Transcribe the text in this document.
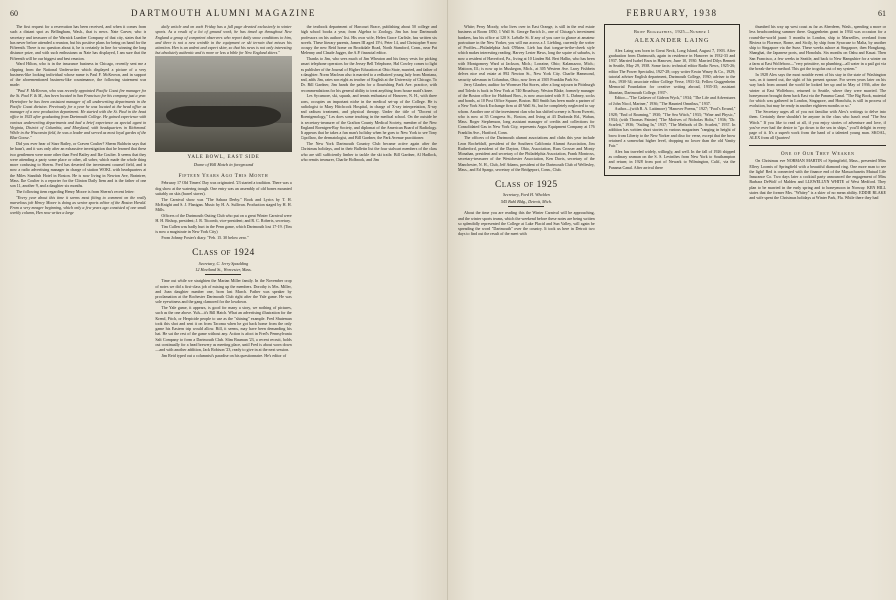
60	DARTMOUTH ALUMNI MAGAZINE

The first request for a reservation has been received, and when it comes from such a distant spot as Bellingham, Wash., that is news. Nate Carver, who is secretary and treasurer of the Warnick Lumber Company of that city, states that he has never before attended a reunion, but his positive plans for being on hand for the Fifteenth. There is no question about it, he is certainly in line for winning the long distance prize, and with such enthusiasm as Nate has displayed, I am sure that the Fifteenth will be our biggest and best reunion.

Ward Hilton, who is in the insurance business in Chicago, recently sent me a clipping from the National Underwriter which displayed a picture of a very business-like looking individual whose name is Paul F. McKeown, and in support of the aforementioned business-like countenance, the following statement was made:

"Paul F. McKeown, who was recently appointed Pacific Coast fire manager for the St. Paul F. & M., has been located in San Francisco for his company just a year. Heretofore he has been assistant manager of all underwriting departments in the Pacific Coast division. Previously for a year he was located at the head office as manager of a new production department. He started with the St. Paul in the head office in 1925 after graduating from Dartmouth College. He gained experience with various underwriting departments and had a brief experience as special agent in Virginia, District of Columbia, and Maryland, with headquarters in Richmond. While in the Wisconsin field, he was a leader and served as most loyal gardes of the Blue Goose."

Did you ever hear of Starr Bailey, or Craven Coulter? Sherm Baldwin says that he hasn't, and it was only after an exhaustive investigation that he learned that these two gentlemen were none other than Fred Bailey and Ike Coulter. It seems that they were attending a party some place or other, all sober, which made the whole thing more confusing to Sherm. Fred has deserted the investment counsel field, and is now a radio advertising manager in charge of station WOKL with headquarters at the Miles Standish Hotel in Boston. He is now living in Newton Ave, Braintree, Mass. Ike Coulter is a reporter for the Clinton Daily Item and is the father of one son 11, another 9, and a daughter six months.

The following item regarding Henry Moore is from Sherm's recent letter:

"Every year about this time it seems most fitting to comment on the really marvelous job Henry Moore is doing as senior sports editor of the Boston Herald. From a very meager beginning, which only a few years ago consisted of one small weekly column, Hen now writes a large

daily article and on each Friday has a full page devoted exclusively to winter sports. As a result of a lot of ground work, he has timed up throughout New England a group of competent observers who report daily snow conditions to him, and there is not a new wrinkle in the equipment or ski terrain that misses his attention. Hen is an ardent and expert skier, so that his news is not only interesting but absolutely authentic and is more or less a bible for New England skiers."

YALE BOWL, EAST SIDE
Dome of Bill Hatch in foreground
Fifteen Years Ago This Month

February 17 Old Timers' Day was originated. '23 started a tradition. There was a dog show at the watering trough. One entry was an assembly of old bones mounted suitably on skis (barrel staves).

The Carnival show was "The Sahara Derby." Book and Lyrics by T. H. McKnight and S. J. Flanigan. Music by H. A. Sullivan. Production staged by H. H. Mills.

Officers of the Dartmouth Outing Club who put on a great Winter Carnival were H. H. Bishop, president; J. R. Titcomb, vice-president; and R. C. Roberts, secretary.

Tim Cullen was badly hurt in the Penn game, which Dartmouth lost 17-19. (Tim is now a magistrate in New York City)

From Johnny Foster's diary. "Feb. 15. 30 below zero."

Class of 1924
Secretary, C. Jerry Spaulding
12 Haviland St., Worcester, Mass.

Time out while we straighten the Marian Miller family. In the November crop of notes we did a first-class job of mixing up the members. Dorothy is Mrs. Miller, and Joan daughter number one, born last March. Father was speaker by proclamation at the Rochester Dartmouth Club right after the Yale game. He was sole eyewitness and the gang clamored for the lowdown.

The Yale game, it appears, is good for many a story, we nothing of pictures, such as the one above. Yuh—it's Bill Hatch. What an advertising illustration for the Krend, Fitch, or Herpicide people to use as the "shining" example. Fred Shuteman took this shot and sent it on from Tacoma when he got back home from the only game his Eastern trip would allow. Bill, it seems, may have been demanding his hat. He sat the rest of the game without any. Action is afoot in Fred's Pennsylvania Salt Company to form a Dartmouth Club. Slim Bauman '23, a recent recruit, holds out continually for a head brewery as meeting place, until Fred is about worn down—and with another addition, Jack Robison '23, ready to give in at the next session.

Jim Reid typed out a columnist's paradise on his questionnaire. He's editor of

the textbook department of Harcourt Brace, publishing about 50 college and high school books a year, from Algebra to Zoology. Jim has four Dartmouth professors on his authors' list. His own wife, Helen Grace Carlisle, has written six novels. These literary parents, James III aged 15½, Peter 14, and Christopher 9 now occupy the new Reid home on Brookdale Road, North Stamford, Conn., near Pat Melenny and Claude Jagger, the A.P. financial editor.

Thanks to Jim, who sees much of Jim Wheaton and his fancy vests for picking smart telephone operators for the Jersey Bell Telephone, Hal Cowley comes to light as publisher of the Journal of Higher Education at Ohio State, married, and father of a daughter. Norm Maclean also is married to a redhaired young lady from Montana, and, adds Jim, rates son eight as teacher of English at the University of Chicago. To Dr. Bill Gardner, Jim hands the palm for a flourishing Park Ave. practice, with recommendations for his general ability to treat anything from house maid's knee.

Les Sycamore, ski, squash, and tennis enthusiast of Hanover, N. H., with three sons, occupies an important niche in the medical set-up of the College. He is radiologist to Mary Hitchcock Hospital, in charge of X-ray interpretation, X-ray and radium treatment, and physical therapy. Under the title of "Docent of Roentgenology," Les does some teaching in the medical school. On the outside he is secretary-treasurer of the Grafton County Medical Society, member of the New England Roentgen-Ray Society, and diplomat of the American Board of Radiology. It appears that he takes a fun man's holiday when he goes to New York to see Tony Cipollaro, the dermatologist, and Bill Gardner, the Park Avenue practitioner.

The New York Dartmouth Country Club became active again after the Christmas holidays, and in their Bulletin list the four stalwart members of the class who are still sufficiently limber to tackle the ski trails: Bill Gardner, Al Hadlock, who remits treasurer, Charlie Holbrook, and Jim

FEBRUARY, 1938	61

White; Perry Moody, who lives over in East Orange, is still in the real estate business at Room 1850, 1 Wall St. George Enrich Jr., one of Chicago's investment bankers, has his office at 120 S. LaSalle St. If any of you care to glance at amateur portraiture in the New Yorker, you will run across a J. Liebling, currently the writer of Profiles—Philadelphia Jack O'Brien. Lieb has that tongue-in-the-cheek style which makes interesting reading. Harvey Lester Haws, long the squire of suburbs, is now a resident of Haverford, Pa., living at 10 Linden Rd. Bert Hallin, who has been with Montgomery Ward at Jackson, Mich.; Lorraine, Ohio; Kalamazoo, Mich.; Mattoon, Ill.; is now up in Muskegon, Mich., at 305 Western Ave. Larry Fishbein delves nice real estate at 892 Newton St., New York City. Charlie Hammond, security salesman in Columbus, Ohio, now lives at 1505 Franklin Park So.

Jerry Glauber, auditor for Wormser Hat Stores, after a long sojourn in Pittsburgh and Toledo is back in New York at 740 Broadway. Weston Blake, formerly manager of the Boston office for Hubbard Bros., is now associated with F. L. Dabney, socks and bonds, at 10 Post Office Square, Boston. Bill Smith has been made a partner of a New York Stock Exchange firm at 40 Wall St., but he completely neglected to say whom. Another one of the investment clan who has shifted scenery is Norm Everett, who is now at 35 Congress St., Boston, and living at 43 Dudonda Rd., Waban, Mass. Roger Stephenson, long assistant manager of credits and collections for Consolidated Gas in New York City, represents Argus Equipment Company at 176 Franklin Ave., Hartford, Conn.

The officers of the Dartmouth alumni associations and clubs this year include Leon Rocheblaff, president of the Southern California Alumni Association, Jim Rutherford, president of the Dayton, Ohio, Association, Russ Crosser and Monty Monahan, president and secretary of the Philadelphia Association, Frank Montross, secretary-treasurer of the Westchester Association, Ken Davis, secretary of the Manchester, N. H., Club, Jeff Adams, president of the Dartmouth Club of Wellesley, Mass., and Ed Spargo, secretary of the Bridgeport, Conn., Club.

Class of 1925
Secretary, Ford H. Whelden
545 Buhl Bldg., Detroit, Mich.

About the time you are reading this the Winter Carnival will be approaching, and the winter sports teams, which the weekend before these notes are being written so splendidly represented the College at Lake Placid and Sun Valley, will again be spreading the word "Dartmouth" over the country. It took us here in Detroit two days to find out the result of the meet with

Brief Biographies, 1925—Number 1
ALEXANDER LAING

Alex Laing was born in Great Neck, Long Island, August 7, 1903. After graduation from Dartmouth, again in residence in Hanover in 1932-33 and 1937. Married Isabel Enos in Hanover, June 10, 1930. Married Dilys Bennett in Seattle, May 29, 1938. Some facts: technical editor Radio News, 1925-26; editor The Power Specialist, 1927-28; copy writer Erwin Wasey & Co., 1929; tutorial adviser English department, Dartmouth College, 1930; adviser to the Arts, 1930-34; associate editor College Verse, 1931-32; Fellow Guggenheim Memorial Foundation for creative writing abroad, 1935-35; assistant librarian, Dartmouth College, 1937-.

Editor—"The Cadaver of Gideon Wyck," 1934; "The Life and Adventures of John Nicol, Mariner," 1936; "The Haunted Omnibus," 1937.

Author—(with R. A. Lattimore) "Hanover Poems," 1927; "Fool's Errand," 1928; "End of Roaming," 1930; "The Sea Witch," 1933; "Wine and Physic," 1934; (with Thomas Painter) "The Motives of Nicholas Holtz," 1936; "Dr. Scarlett," 1936; "Sailing In," 1937; "The Methods of Dr. Scarlett," 1937. In addition has written short stories in various magazines "ranging in height of brow from Liberty to the New Yorker and dixo for verse, except that the brow retained a somewhat higher level, dropping no lower than the old Vanity Fair."

Alex has traveled widely, willingly, and well. In the fall of 1926 shipped as ordinary seaman on the S. S. Levinthes from New York to Southampton and return; in 1928 from port of Newark to Wilmington, Calif., via the Panama Canal. After arrival there

thumbed his way up west coast as far as Aberdeen, Wash., spending a more or less beachcombing summer there. Guggenheim grant in 1934 was occasion for a round-the-world jaunt: 5 months in London, ship to Marseilles, overland from Riviera to Florence, Rome, and Sicily, by ship from Syracuse to Malta, by another ship to Singapore via the Suez. These weeks ashore at Singapore, then Hongkong, Shanghai, the Japanese ports, and Honolulu. Six months on Oahu and Kauai. Then San Francisco, a few weeks in Seattle, and back to New Hampshire for a winter on a farm at East Wolfeboro—"very primitive, no plumbing—all water in a pail got via the break-the-ice method. This got the trogolus out of my system."

In 1928 Alex says the most notable event of his stay in the state of Washington was, as it turned out, the sight of his present spouse. For seven years later on his way back from around the world he looked her up and in May of 1936, after the winter at East Wolfeboro, returned to Seattle, where they were married. The honeymoon brought them back East via the Panama Canal. "The Big Book, material for which was gathered in London, Singapore, and Honolulu, is still in process of evolution, but may be ready in another eighteen months or so."

The Secretary urges all of you not familiar with Alex's writings to delve into them. Certainly there shouldn't be anyone in the class who hasn't read "The Sea Witch." If you like to read at all, if you enjoy stories of adventure and love, if you've ever had the desire to "go down to the sea in ships," you'll delight in every page of it. It's a superb work from the hand of a talented young man. SKOAL, ALEX from all Quarters!

One of Our They Weaken

On Christmas eve NORMAN MARTIN of Springfield, Mass., presented Miss Ellery Loomis of Springfield with a beautiful diamond ring. One more man to see the light! Red is connected with the finance end of the Massachusetts Mutual Life Insurance Co. Two days later a cocktail party announced the engagement of Miss Barbara DeWolf of Malden and LLEWELLYN WHITE of West Medford. They plan to be married in the early spring and to honeymoon in Norway. KEN HILL states that the former Mrs. "Whitey" is a skier of no mean ability. EDDIE BLAKE and wife spent the Christmas holidays at Winter Park, Fla. While there they had
